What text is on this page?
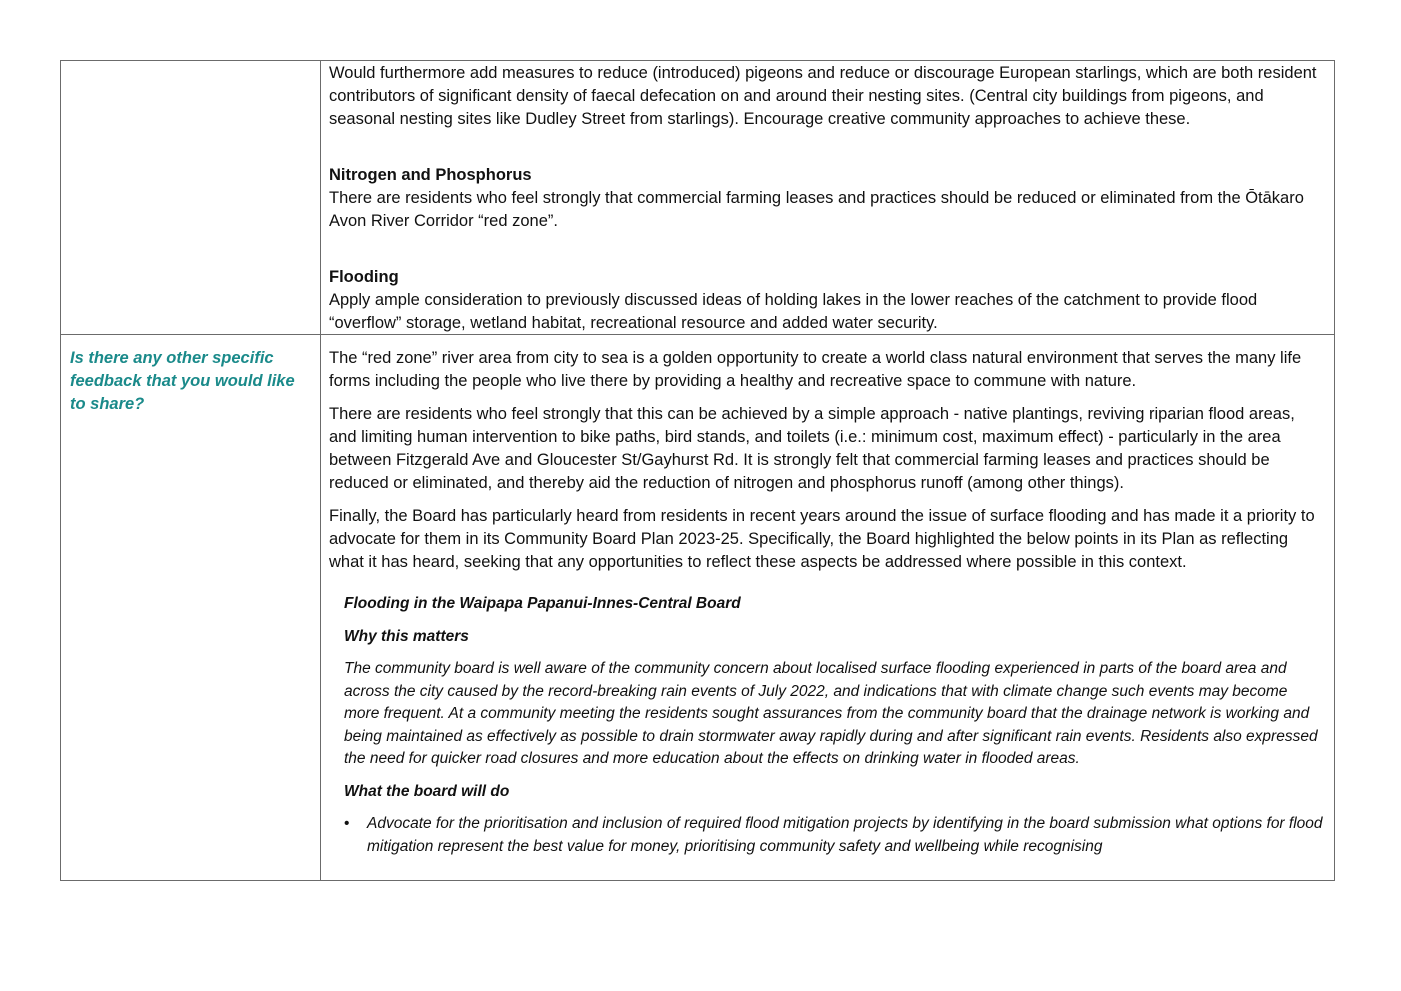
Would furthermore add measures to reduce (introduced) pigeons and reduce or discourage European starlings, which are both resident contributors of significant density of faecal defecation on and around their nesting sites. (Central city buildings from pigeons, and seasonal nesting sites like Dudley Street from starlings). Encourage creative community approaches to achieve these.

Nitrogen and Phosphorus

There are residents who feel strongly that commercial farming leases and practices should be reduced or eliminated from the Ōtākaro Avon River Corridor “red zone”.

Flooding

Apply ample consideration to previously discussed ideas of holding lakes in the lower reaches of the catchment to provide flood “overflow” storage, wetland habitat, recreational resource and added water security.

Is there any other specific feedback that you would like to share?

The “red zone” river area from city to sea is a golden opportunity to create a world class natural environment that serves the many life forms including the people who live there by providing a healthy and recreative space to commune with nature.

There are residents who feel strongly that this can be achieved by a simple approach - native plantings, reviving riparian flood areas, and limiting human intervention to bike paths, bird stands, and toilets (i.e.: minimum cost, maximum effect) - particularly in the area between Fitzgerald Ave and Gloucester St/Gayhurst Rd. It is strongly felt that commercial farming leases and practices should be reduced or eliminated, and thereby aid the reduction of nitrogen and phosphorus runoff (among other things).

Finally, the Board has particularly heard from residents in recent years around the issue of surface flooding and has made it a priority to advocate for them in its Community Board Plan 2023-25. Specifically, the Board highlighted the below points in its Plan as reflecting what it has heard, seeking that any opportunities to reflect these aspects be addressed where possible in this context.

Flooding in the Waipapa Papanui-Innes-Central Board

Why this matters

The community board is well aware of the community concern about localised surface flooding experienced in parts of the board area and across the city caused by the record-breaking rain events of July 2022, and indications that with climate change such events may become more frequent. At a community meeting the residents sought assurances from the community board that the drainage network is working and being maintained as effectively as possible to drain stormwater away rapidly during and after significant rain events. Residents also expressed the need for quicker road closures and more education about the effects on drinking water in flooded areas.

What the board will do

•	Advocate for the prioritisation and inclusion of required flood mitigation projects by identifying in the board submission what options for flood mitigation represent the best value for money, prioritising community safety and wellbeing while recognising
